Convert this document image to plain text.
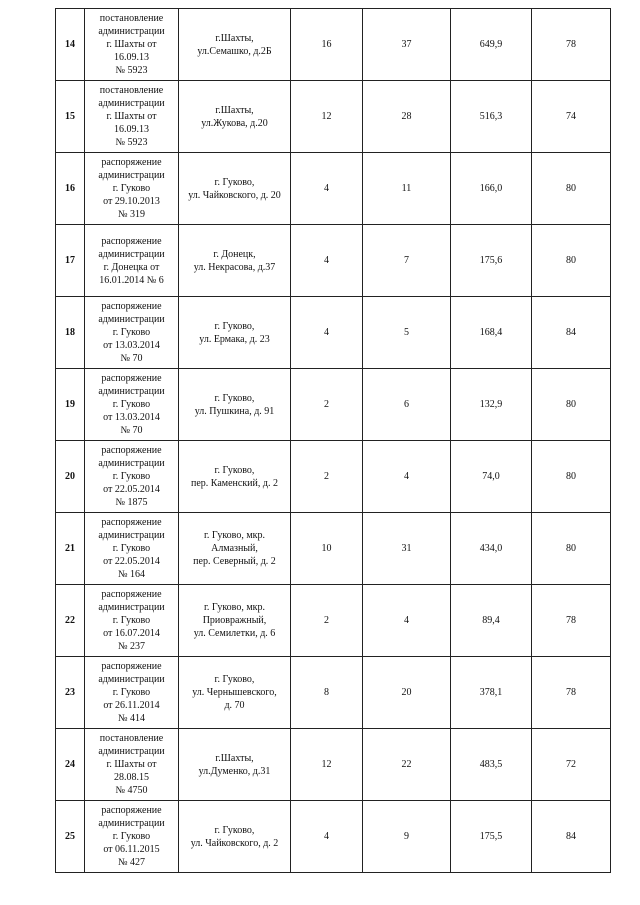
14	постановление
администрации
г. Шахты от
16.09.13
№ 5923	г.Шахты,
ул.Семашко, д.2Б	16	37	649,9	78
15	постановление
администрации
г. Шахты от
16.09.13
№ 5923	г.Шахты,
ул.Жукова, д.20	12	28	516,3	74
16	распоряжение
администрации
г. Гуково
от 29.10.2013
№ 319	г. Гуково,
ул. Чайковского, д. 20	4	11	166,0	80
17	распоряжение
администрации
г. Донецка от
16.01.2014 № 6	г. Донецк,
ул. Некрасова, д.37	4	7	175,6	80
18	распоряжение
администрации
г. Гуково
от 13.03.2014
№ 70	г. Гуково,
ул. Ермака, д. 23	4	5	168,4	84
19	распоряжение
администрации
г. Гуково
от 13.03.2014
№ 70	г. Гуково,
ул. Пушкина, д. 91	2	6	132,9	80
20	распоряжение
администрации
г. Гуково
от 22.05.2014
№ 1875	г. Гуково,
пер. Каменский, д. 2	2	4	74,0	80
21	распоряжение
администрации
г. Гуково
от 22.05.2014
№ 164	г. Гуково, мкр.
Алмазный,
пер. Северный, д. 2	10	31	434,0	80
22	распоряжение
администрации
г. Гуково
от 16.07.2014
№ 237	г. Гуково, мкр.
Приовражный,
ул. Семилетки, д. 6	2	4	89,4	78
23	распоряжение
администрации
г. Гуково
от 26.11.2014
№ 414	г. Гуково,
ул. Чернышевского,
д. 70	8	20	378,1	78
24	постановление
администрации
г. Шахты от
28.08.15
№ 4750	г.Шахты,
ул.Думенко, д.31	12	22	483,5	72
25	распоряжение
администрации
г. Гуково
от 06.11.2015
№ 427	г. Гуково,
ул. Чайковского, д. 2	4	9	175,5	84
